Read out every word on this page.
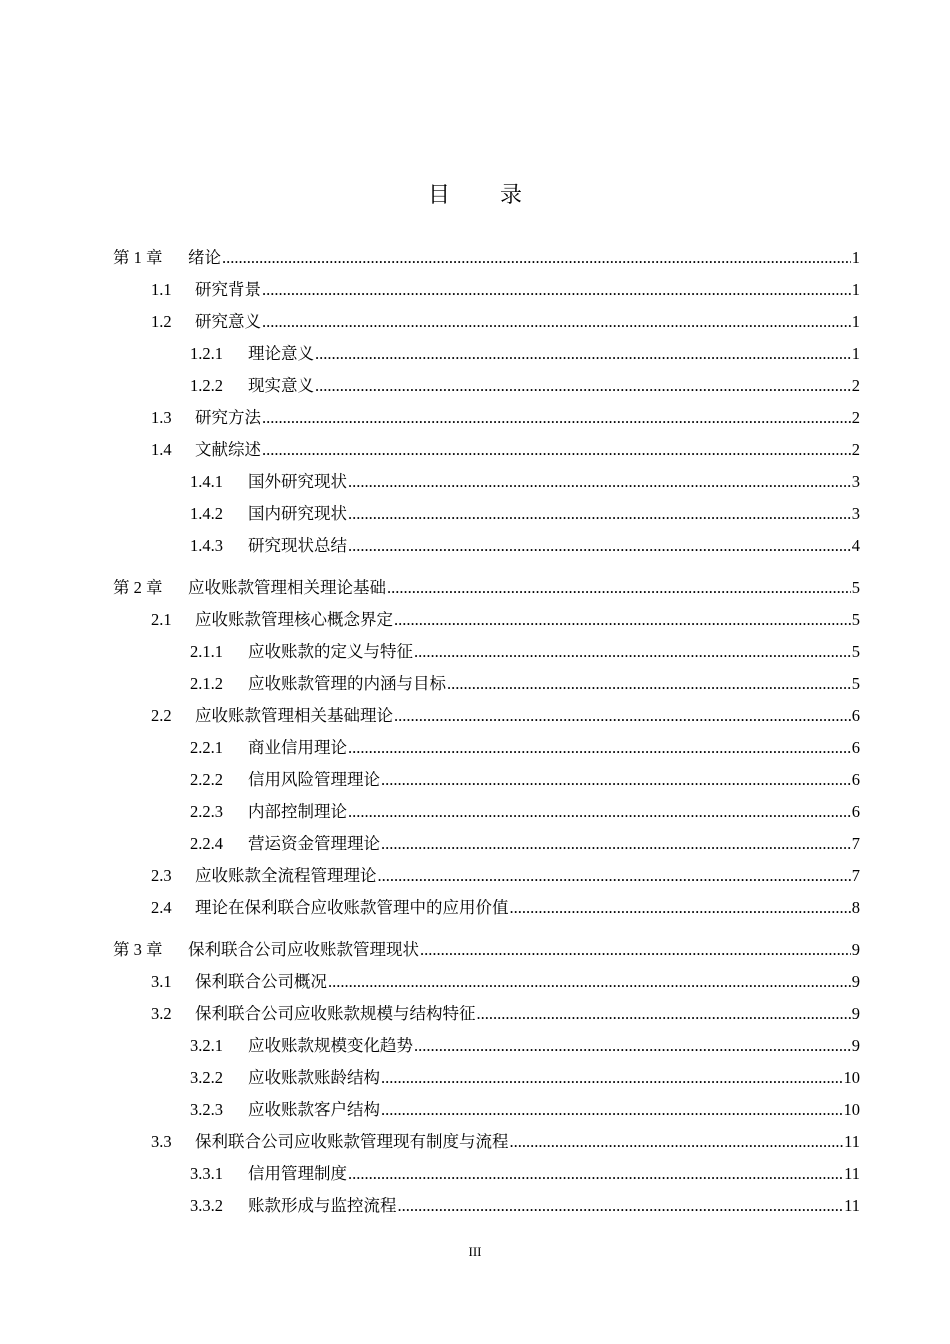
目 录
第 1 章	绪论 .....	1
1.1	研究背景 .....	1
1.2	研究意义 .....	1
1.2.1	理论意义 .....	1
1.2.2	现实意义 .....	2
1.3	研究方法 .....	2
1.4	文献综述 .....	2
1.4.1	国外研究现状 .....	3
1.4.2	国内研究现状 .....	3
1.4.3	研究现状总结 .....	4
第 2 章	应收账款管理相关理论基础 .....	5
2.1	应收账款管理核心概念界定 .....	5
2.1.1	应收账款的定义与特征 .....	5
2.1.2	应收账款管理的内涵与目标 .....	5
2.2	应收账款管理相关基础理论 .....	6
2.2.1	商业信用理论 .....	6
2.2.2	信用风险管理理论 .....	6
2.2.3	内部控制理论 .....	6
2.2.4	营运资金管理理论 .....	7
2.3	应收账款全流程管理理论 .....	7
2.4	理论在保利联合应收账款管理中的应用价值 .....	8
第 3 章	保利联合公司应收账款管理现状 .....	9
3.1	保利联合公司概况 .....	9
3.2	保利联合公司应收账款规模与结构特征 .....	9
3.2.1	应收账款规模变化趋势 .....	9
3.2.2	应收账款账龄结构 .....	10
3.2.3	应收账款客户结构 .....	10
3.3	保利联合公司应收账款管理现有制度与流程 .....	11
3.3.1	信用管理制度 .....	11
3.3.2	账款形成与监控流程 .....	11
III
